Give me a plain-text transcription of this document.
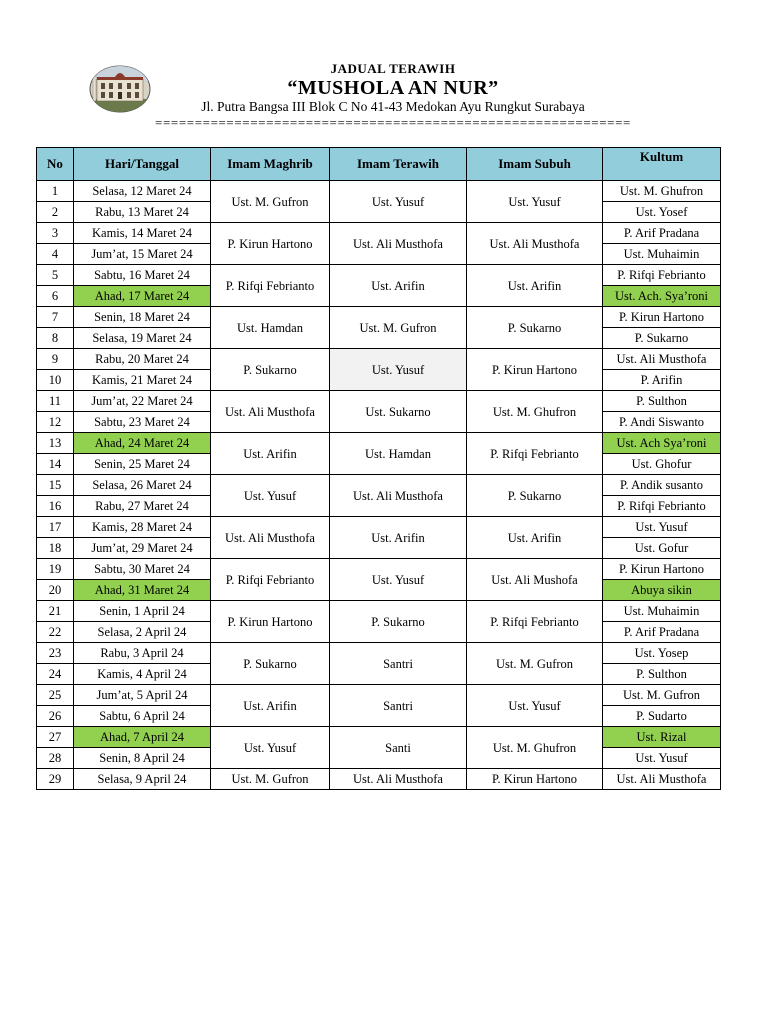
JADUAL TERAWIH
“MUSHOLA AN NUR”
Jl. Putra Bangsa III Blok C No 41-43 Medokan Ayu Rungkut Surabaya
============================================================
No	Hari/Tanggal	Imam Maghrib	Imam Terawih	Imam Subuh	Kultum
1	Selasa, 12 Maret 24	Ust. M. Gufron	Ust. Yusuf	Ust. Yusuf	Ust. M. Ghufron
2	Rabu, 13 Maret 24				Ust. Yosef
3	Kamis, 14 Maret 24	P. Kirun Hartono	Ust. Ali Musthofa	Ust. Ali Musthofa	P. Arif Pradana
4	Jum’at, 15 Maret 24				Ust. Muhaimin
5	Sabtu, 16 Maret 24	P. Rifqi Febrianto	Ust. Arifin	Ust. Arifin	P. Rifqi Febrianto
6	Ahad, 17 Maret 24				Ust. Ach. Sya’roni
7	Senin, 18 Maret 24	Ust. Hamdan	Ust. M. Gufron	P. Sukarno	P. Kirun Hartono
8	Selasa, 19 Maret 24				P. Sukarno
9	Rabu, 20 Maret 24	P. Sukarno	Ust. Yusuf	P. Kirun Hartono	Ust. Ali Musthofa
10	Kamis, 21 Maret 24				P. Arifin
11	Jum’at, 22 Maret 24	Ust. Ali Musthofa	Ust. Sukarno	Ust. M. Ghufron	P. Sulthon
12	Sabtu, 23 Maret 24				P. Andi Siswanto
13	Ahad, 24 Maret 24	Ust. Arifin	Ust. Hamdan	P. Rifqi Febrianto	Ust. Ach Sya’roni
14	Senin, 25 Maret 24				Ust. Ghofur
15	Selasa, 26 Maret 24	Ust. Yusuf	Ust. Ali Musthofa	P. Sukarno	P. Andik susanto
16	Rabu, 27 Maret 24				P. Rifqi Febrianto
17	Kamis, 28 Maret 24	Ust. Ali Musthofa	Ust. Arifin	Ust. Arifin	Ust. Yusuf
18	Jum’at, 29 Maret 24				Ust. Gofur
19	Sabtu, 30 Maret 24	P. Rifqi Febrianto	Ust. Yusuf	Ust. Ali Mushofa	P. Kirun Hartono
20	Ahad, 31 Maret 24				Abuya sikin
21	Senin, 1 April 24	P. Kirun Hartono	P. Sukarno	P. Rifqi Febrianto	Ust. Muhaimin
22	Selasa, 2 April 24				P. Arif Pradana
23	Rabu, 3 April 24	P. Sukarno	Santri	Ust. M. Gufron	Ust. Yosep
24	Kamis, 4 April 24				P. Sulthon
25	Jum’at, 5 April 24	Ust. Arifin	Santri	Ust. Yusuf	Ust. M. Gufron
26	Sabtu, 6 April 24				P. Sudarto
27	Ahad, 7 April 24	Ust. Yusuf	Santi	Ust. M. Ghufron	Ust. Rizal
28	Senin, 8 April 24				Ust. Yusuf
29	Selasa, 9 April 24	Ust. M. Gufron	Ust. Ali Musthofa	P. Kirun Hartono	Ust. Ali Musthofa
